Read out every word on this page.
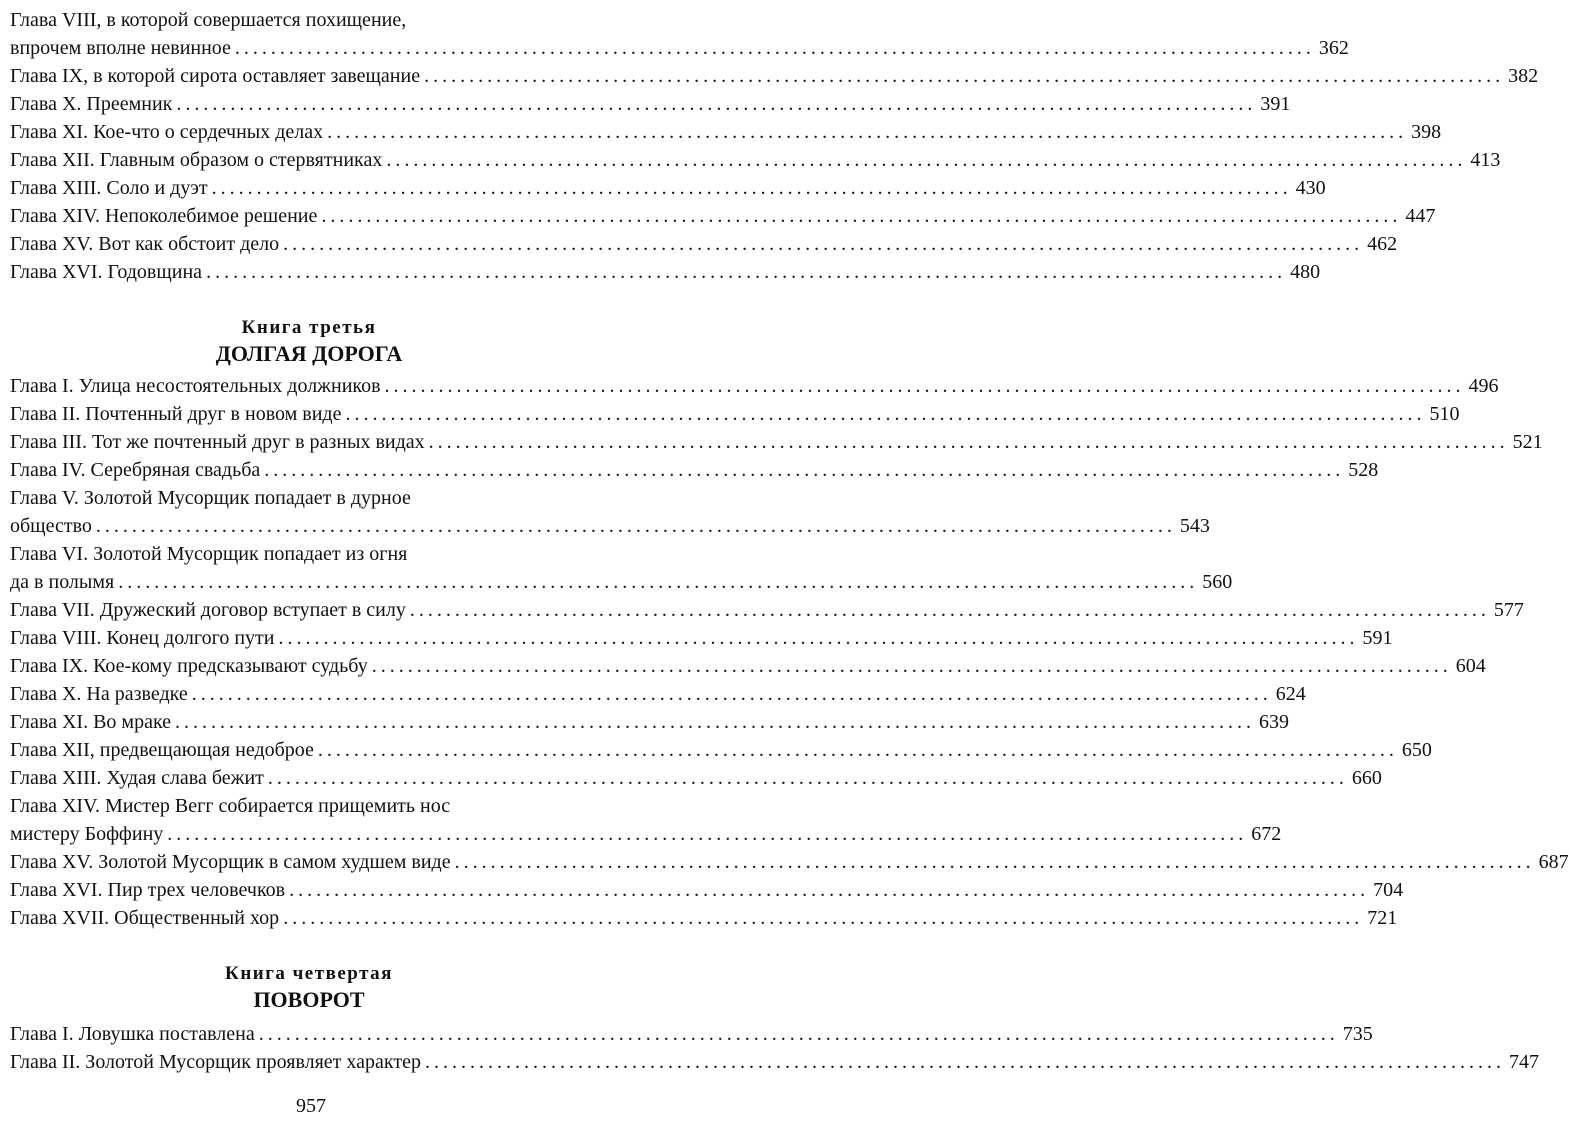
Глава VIII, в которой совершается похищение,
впрочем вполне невинное ........................................................................................................................ 362
Глава IX, в которой сирота оставляет завещание ........................................................................................................................ 382
Глава X. Преемник ........................................................................................................................ 391
Глава XI. Кое-что о сердечных делах ........................................................................................................................ 398
Глава XII. Главным образом о стервятниках ........................................................................................................................ 413
Глава XIII. Соло и дуэт ........................................................................................................................ 430
Глава XIV. Непоколебимое решение ........................................................................................................................ 447
Глава XV. Вот как обстоит дело ........................................................................................................................ 462
Глава XVI. Годовщина ........................................................................................................................ 480
Книга третья
ДОЛГАЯ ДОРОГА
Глава I. Улица несостоятельных должников ........................................................................................................................ 496
Глава II. Почтенный друг в новом виде ........................................................................................................................ 510
Глава III. Тот же почтенный друг в разных видах ........................................................................................................................ 521
Глава IV. Серебряная свадьба ........................................................................................................................ 528
Глава V. Золотой Мусорщик попадает в дурное
общество ........................................................................................................................ 543
Глава VI. Золотой Мусорщик попадает из огня
да в полымя ........................................................................................................................ 560
Глава VII. Дружеский договор вступает в силу ........................................................................................................................ 577
Глава VIII. Конец долгого пути ........................................................................................................................ 591
Глава IX. Кое-кому предсказывают судьбу ........................................................................................................................ 604
Глава X. На разведке ........................................................................................................................ 624
Глава XI. Во мраке ........................................................................................................................ 639
Глава XII, предвещающая недоброе ........................................................................................................................ 650
Глава XIII. Худая слава бежит ........................................................................................................................ 660
Глава XIV. Мистер Вегг собирается прищемить нос
мистеру Боффину ........................................................................................................................ 672
Глава XV. Золотой Мусорщик в самом худшем виде ........................................................................................................................ 687
Глава XVI. Пир трех человечков ........................................................................................................................ 704
Глава XVII. Общественный хор ........................................................................................................................ 721
Книга четвертая
ПОВОРОТ
Глава I. Ловушка поставлена ........................................................................................................................ 735
Глава II. Золотой Мусорщик проявляет характер ........................................................................................................................ 747
957
